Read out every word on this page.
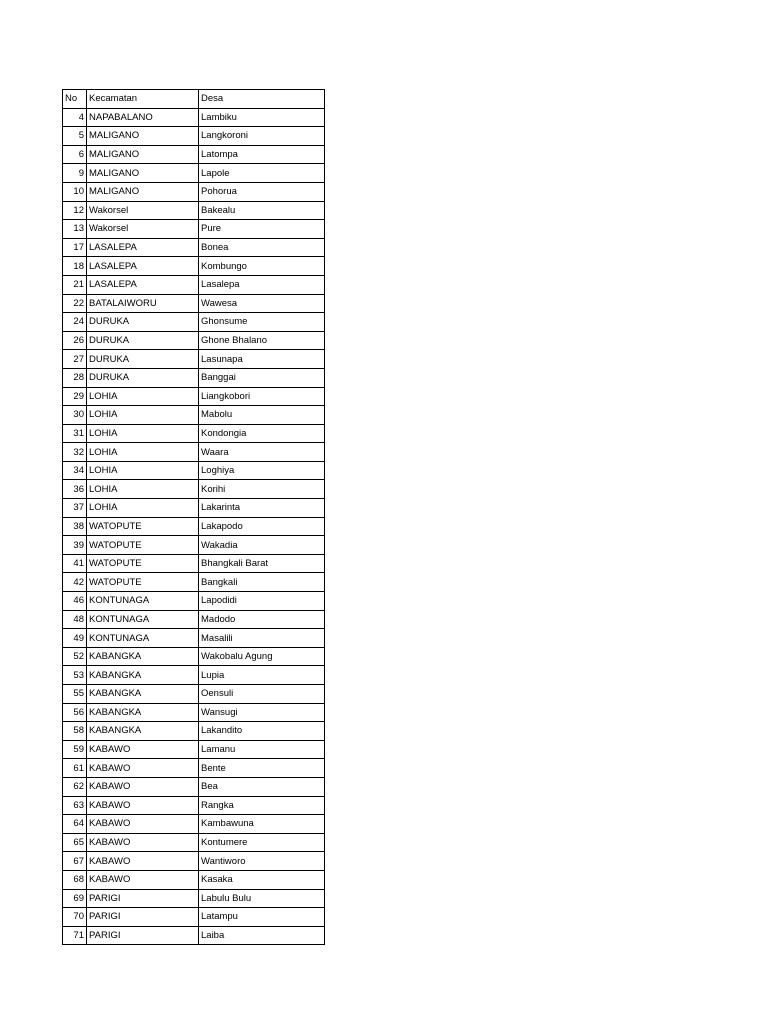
No	Kecamatan	Desa
4	NAPABALANO	Lambiku
5	MALIGANO	Langkoroni
6	MALIGANO	Latompa
9	MALIGANO	Lapole
10	MALIGANO	Pohorua
12	Wakorsel	Bakealu
13	Wakorsel	Pure
17	LASALEPA	Bonea
18	LASALEPA	Kombungo
21	LASALEPA	Lasalepa
22	BATALAIWORU	Wawesa
24	DURUKA	Ghonsume
26	DURUKA	Ghone Bhalano
27	DURUKA	Lasunapa
28	DURUKA	Banggai
29	LOHIA	Liangkobori
30	LOHIA	Mabolu
31	LOHIA	Kondongia
32	LOHIA	Waara
34	LOHIA	Loghiya
36	LOHIA	Korihi
37	LOHIA	Lakarinta
38	WATOPUTE	Lakapodo
39	WATOPUTE	Wakadia
41	WATOPUTE	Bhangkali Barat
42	WATOPUTE	Bangkali
46	KONTUNAGA	Lapodidi
48	KONTUNAGA	Madodo
49	KONTUNAGA	Masalili
52	KABANGKA	Wakobalu Agung
53	KABANGKA	Lupia
55	KABANGKA	Oensuli
56	KABANGKA	Wansugi
58	KABANGKA	Lakandito
59	KABAWO	Lamanu
61	KABAWO	Bente
62	KABAWO	Bea
63	KABAWO	Rangka
64	KABAWO	Kambawuna
65	KABAWO	Kontumere
67	KABAWO	Wantiworo
68	KABAWO	Kasaka
69	PARIGI	Labulu Bulu
70	PARIGI	Latampu
71	PARIGI	Laiba
